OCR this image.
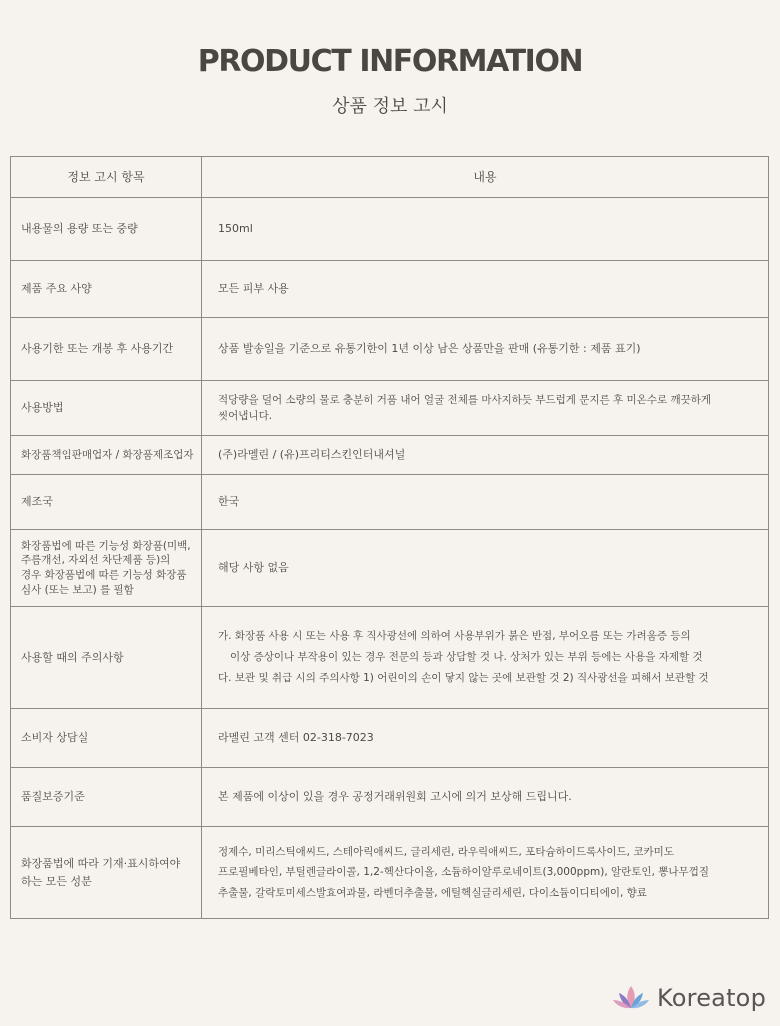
PRODUCT INFORMATION
상품 정보 고시
정보 고시 항목	내용
내용물의 용량 또는 중량	150ml
제품 주요 사양	모든 피부 사용
사용기한 또는 개봉 후 사용기간	상품 발송일을 기준으로 유통기한이 1년 이상 남은 상품만을 판매 (유통기한 : 제품 표기)
사용방법	적당량을 덜어 소량의 물로 충분히 거품 내어 얼굴 전체를 마사지하듯 부드럽게 문지른 후 미온수로 깨끗하게 씻어냅니다.
화장품책임판매업자 / 화장품제조업자	(주)라멜린 / (유)프리티스킨인터내셔널
제조국	한국
화장품법에 따른 기능성 화장품(미백, 주름개선, 자외선 차단제품 등)의 경우 화장품법에 따른 기능성 화장품 심사 (또는 보고) 를 필함	해당 사항 없음
사용할 때의 주의사항	가. 화장품 사용 시 또는 사용 후 직사광선에 의하여 사용부위가 붉은 반점, 부어오름 또는 가려움증 등의
이상 증상이나 부작용이 있는 경우 전문의 등과 상담할 것 나. 상처가 있는 부위 등에는 사용을 자제할 것
다. 보관 및 취급 시의 주의사항 1) 어린이의 손이 닿지 않는 곳에 보관할 것 2) 직사광선을 피해서 보관할 것

소비자 상담실	라멜린 고객 센터 02-318-7023
품질보증기준	본 제품에 이상이 있을 경우 공정거래위원회 고시에 의거 보상해 드립니다.
화장품법에 따라 기재·표시하여야 하는 모든 성분	정제수, 미리스틱애씨드, 스테아릭애씨드, 글리세린, 라우릭애씨드, 포타슘하이드록사이드, 코카미도
프로필베타인, 부틸렌글라이콜, 1,2-헥산다이올, 소듐하이알루로네이트(3,000ppm), 알란토인, 뽕나무껍질
추출물, 갈락토미세스발효여과물, 라벤더추출물, 에틸헥실글리세린, 다이소듐이디티에이, 향료
Koreatop
